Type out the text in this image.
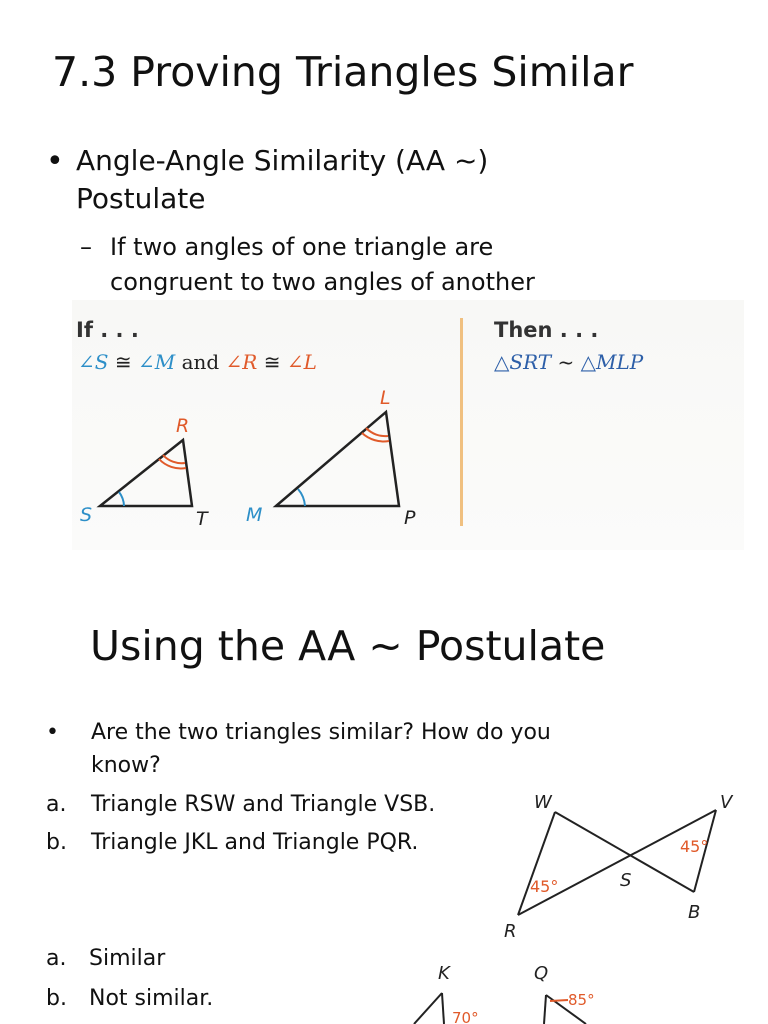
7.3 Proving Triangles Similar
• Angle-Angle Similarity (AA ~)
Postulate
– If two angles of one triangle are
congruent to two angles of another
If . . .
∠S ≅ ∠M and ∠R ≅ ∠L
Then . . .
△SRT ~ △MLP
S
R
T M
L
P
Using the AA ~ Postulate
• Are the two triangles similar? How do you
know?
a. Triangle RSW and Triangle VSB.
b. Triangle JKL and Triangle PQR.
a. Similar
b. Not similar.
W	V
S
R
B
45°
45°
K
70°
Q
85°
